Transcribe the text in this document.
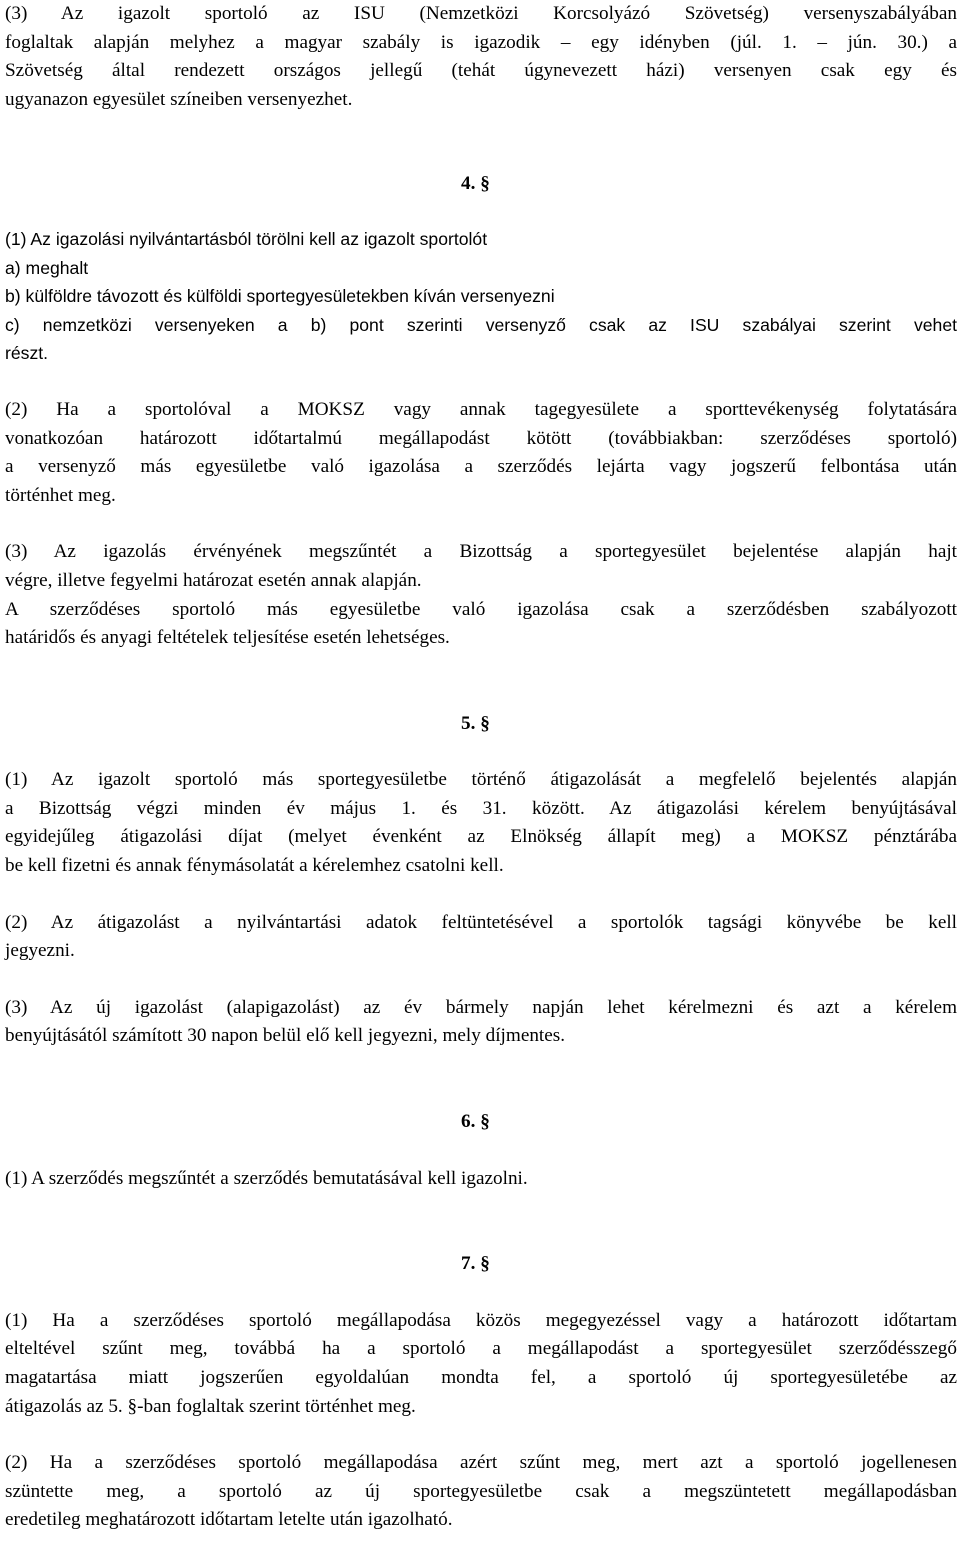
(3) Az igazolt sportoló az ISU (Nemzetközi Korcsolyázó Szövetség) versenyszabályában
foglaltak alapján melyhez a magyar szabály is igazodik – egy idényben (júl. 1. – jún. 30.) a
Szövetség által rendezett országos jellegű (tehát úgynevezett házi) versenyen csak egy és
ugyanazon egyesület színeiben versenyezhet.
4. §
(1) Az igazolási nyilvántartásból törölni kell az igazolt sportolót
a) meghalt
b) külföldre távozott és külföldi sportegyesületekben kíván versenyezni
c) nemzetközi versenyeken a b) pont szerinti versenyző csak az ISU szabályai szerint vehet
részt.
(2) Ha a sportolóval a MOKSZ vagy annak tagegyesülete a sporttevékenység folytatására
vonatkozóan határozott időtartalmú megállapodást kötött (továbbiakban: szerződéses sportoló)
a versenyző más egyesületbe való igazolása a szerződés lejárta vagy jogszerű felbontása után
történhet meg.
(3) Az igazolás érvényének megszűntét a Bizottság a sportegyesület bejelentése alapján hajt
végre, illetve fegyelmi határozat esetén annak alapján.
A szerződéses sportoló más egyesületbe való igazolása csak a szerződésben szabályozott
határidős és anyagi feltételek teljesítése esetén lehetséges.
5. §
(1) Az igazolt sportoló más sportegyesületbe történő átigazolását a megfelelő bejelentés alapján
a Bizottság végzi minden év május 1. és 31. között. Az átigazolási kérelem benyújtásával
egyidejűleg átigazolási díjat (melyet évenként az Elnökség állapít meg) a MOKSZ pénztárába
be kell fizetni és annak fénymásolatát a kérelemhez csatolni kell.
(2) Az átigazolást a nyilvántartási adatok feltüntetésével a sportolók tagsági könyvébe be kell
jegyezni.
(3) Az új igazolást (alapigazolást) az év bármely napján lehet kérelmezni és azt a kérelem
benyújtásától számított 30 napon belül elő kell jegyezni, mely díjmentes.
6. §
(1) A szerződés megszűntét a szerződés bemutatásával kell igazolni.
7. §
(1) Ha a szerződéses sportoló megállapodása közös megegyezéssel vagy a határozott időtartam
elteltével szűnt meg, továbbá ha a sportoló a megállapodást a sportegyesület szerződésszegő
magatartása miatt jogszerűen egyoldalúan mondta fel, a sportoló új sportegyesületébe az
átigazolás az 5. §-ban foglaltak szerint történhet meg.
(2) Ha a szerződéses sportoló megállapodása azért szűnt meg, mert azt a sportoló jogellenesen
szüntette meg, a sportoló az új sportegyesületbe csak a megszüntetett megállapodásban
eredetileg meghatározott időtartam letelte után igazolható.
